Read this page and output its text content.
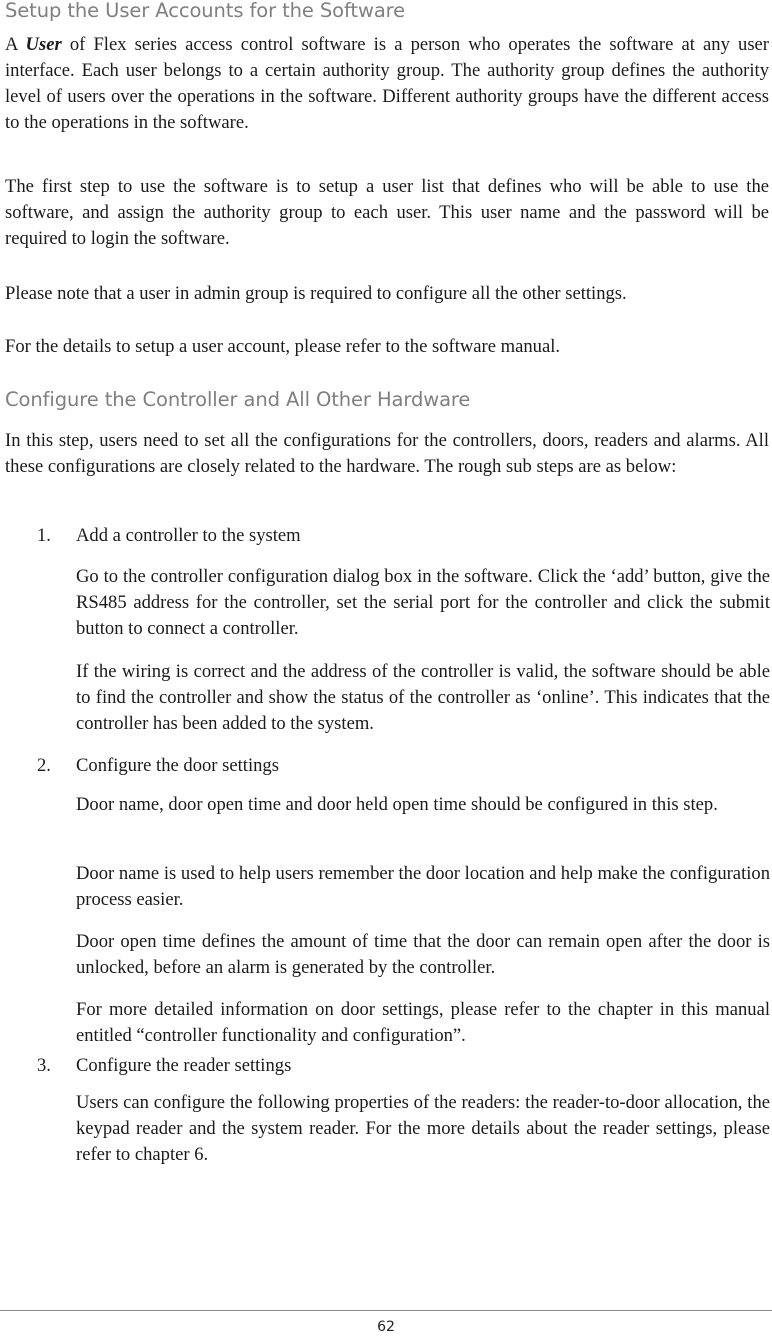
Setup the User Accounts for the Software

A User of Flex series access control software is a person who operates the software at any user interface. Each user belongs to a certain authority group. The authority group defines the authority level of users over the operations in the software. Different authority groups have the different access to the operations in the software.

The first step to use the software is to setup a user list that defines who will be able to use the software, and assign the authority group to each user. This user name and the password will be required to login the software.

Please note that a user in admin group is required to configure all the other settings.

For the details to setup a user account, please refer to the software manual.

Configure the Controller and All Other Hardware

In this step, users need to set all the configurations for the controllers, doors, readers and alarms. All these configurations are closely related to the hardware. The rough sub steps are as below:

1. Add a controller to the system

Go to the controller configuration dialog box in the software. Click the ‘add’ button, give the RS485 address for the controller, set the serial port for the controller and click the submit button to connect a controller.

If the wiring is correct and the address of the controller is valid, the software should be able to find the controller and show the status of the controller as ‘online’. This indicates that the controller has been added to the system.

2. Configure the door settings

Door name, door open time and door held open time should be configured in this step.

Door name is used to help users remember the door location and help make the configuration process easier.

Door open time defines the amount of time that the door can remain open after the door is unlocked, before an alarm is generated by the controller.

For more detailed information on door settings, please refer to the chapter in this manual entitled “controller functionality and configuration”.

3. Configure the reader settings

Users can configure the following properties of the readers: the reader-to-door allocation, the keypad reader and the system reader. For the more details about the reader settings, please refer to chapter 6.

62
